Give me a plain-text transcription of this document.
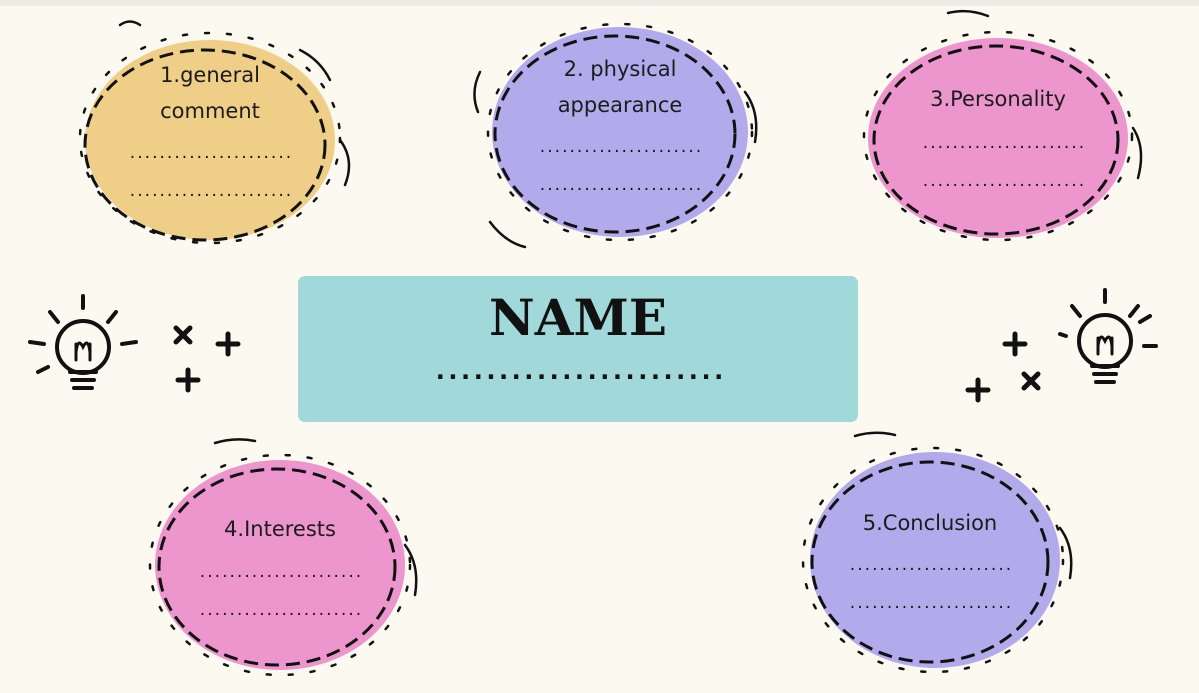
1.general
comment
......................
......................
2. physical
appearance
......................
......................
3.Personality
......................
......................
4.Interests
......................
......................
5.Conclusion
......................
......................
NAME
.......................
